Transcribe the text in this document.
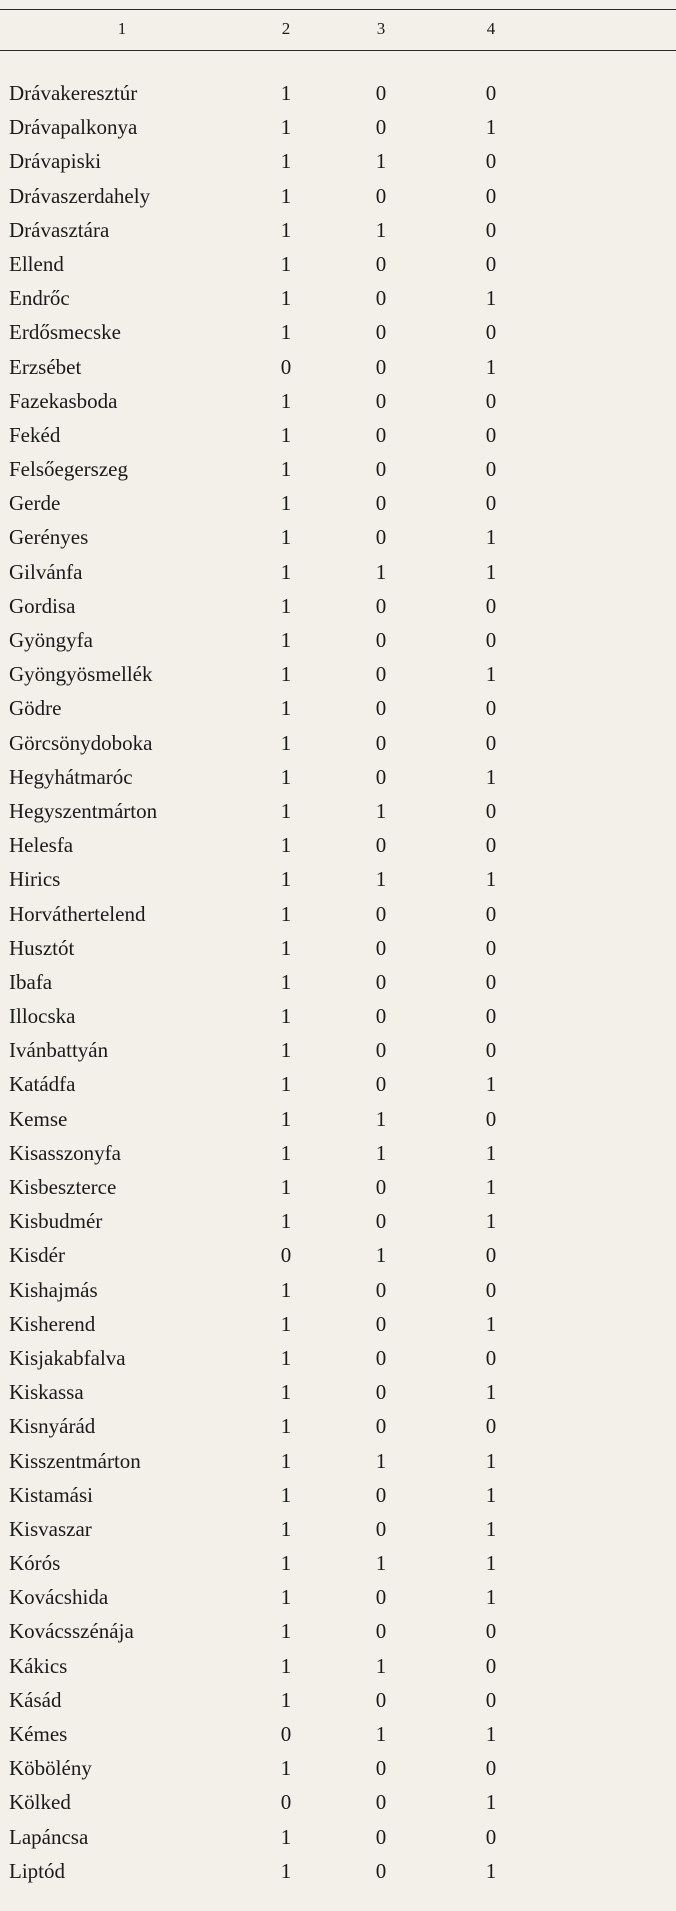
1	2	3	4
Drávakeresztúr	1	0	0
Drávapalkonya	1	0	1
Drávapiski	1	1	0
Drávaszerdahely	1	0	0
Drávasztára	1	1	0
Ellend	1	0	0
Endrőc	1	0	1
Erdősmecske	1	0	0
Erzsébet	0	0	1
Fazekasboda	1	0	0
Fekéd	1	0	0
Felsőegerszeg	1	0	0
Gerde	1	0	0
Gerényes	1	0	1
Gilvánfa	1	1	1
Gordisa	1	0	0
Gyöngyfa	1	0	0
Gyöngyösmellék	1	0	1
Gödre	1	0	0
Görcsönydoboka	1	0	0
Hegyhátmaróc	1	0	1
Hegyszentmárton	1	1	0
Helesfa	1	0	0
Hirics	1	1	1
Horváthertelend	1	0	0
Husztót	1	0	0
Ibafa	1	0	0
Illocska	1	0	0
Ivánbattyán	1	0	0
Katádfa	1	0	1
Kemse	1	1	0
Kisasszonyfa	1	1	1
Kisbeszterce	1	0	1
Kisbudmér	1	0	1
Kisdér	0	1	0
Kishajmás	1	0	0
Kisherend	1	0	1
Kisjakabfalva	1	0	0
Kiskassa	1	0	1
Kisnyárád	1	0	0
Kisszentmárton	1	1	1
Kistamási	1	0	1
Kisvaszar	1	0	1
Kórós	1	1	1
Kovácshida	1	0	1
Kovácsszénája	1	0	0
Kákics	1	1	0
Kásád	1	0	0
Kémes	0	1	1
Köbölény	1	0	0
Kölked	0	0	1
Lapáncsa	1	0	0
Liptód	1	0	1
